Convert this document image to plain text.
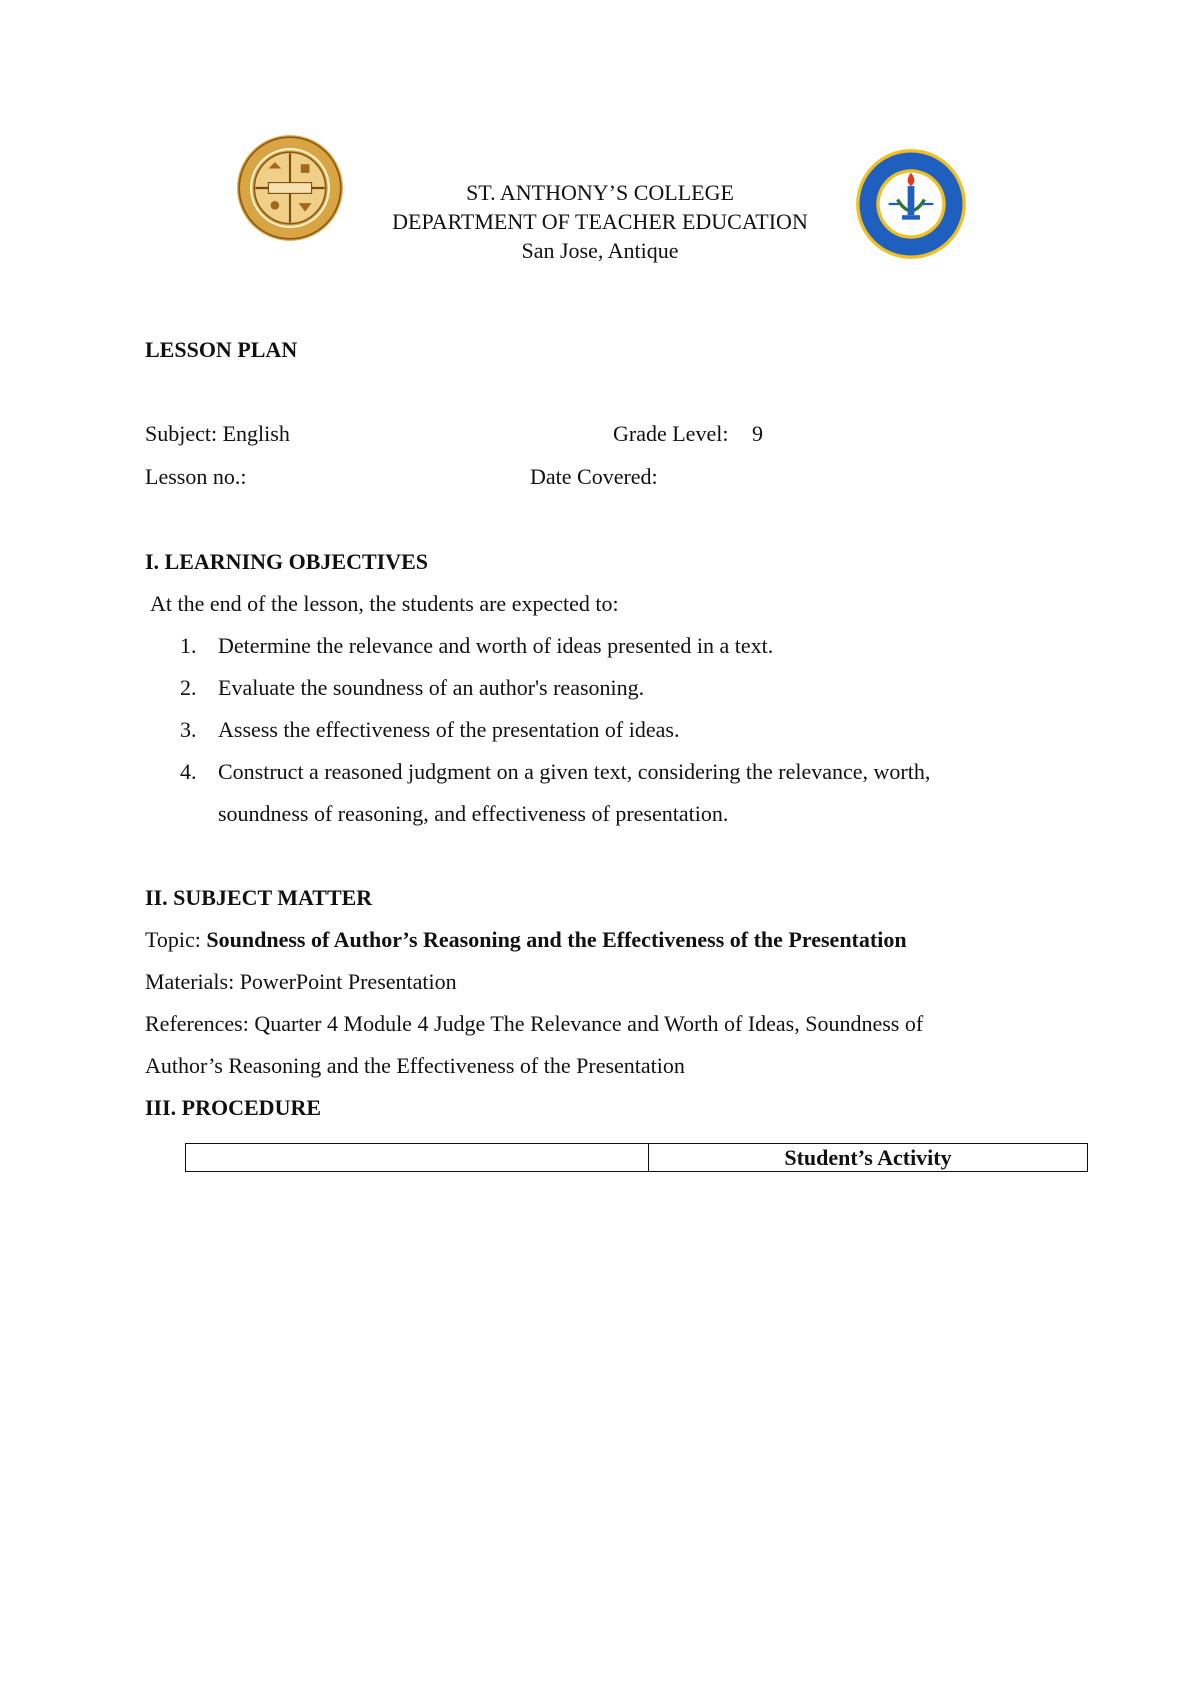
ST. ANTHONY’S COLLEGE
DEPARTMENT OF TEACHER EDUCATION
San Jose, Antique
LESSON PLAN
Subject: English	Grade Level: 9
Lesson no.:	Date Covered:
I. LEARNING OBJECTIVES
At the end of the lesson, the students are expected to:
1. Determine the relevance and worth of ideas presented in a text.
2. Evaluate the soundness of an author's reasoning.
3. Assess the effectiveness of the presentation of ideas.
4. Construct a reasoned judgment on a given text, considering the relevance, worth,
soundness of reasoning, and effectiveness of presentation.
II. SUBJECT MATTER
Topic: Soundness of Author’s Reasoning and the Effectiveness of the Presentation
Materials: PowerPoint Presentation
References: Quarter 4 Module 4 Judge The Relevance and Worth of Ideas, Soundness of
Author’s Reasoning and the Effectiveness of the Presentation
III. PROCEDURE
	Student’s Activity
